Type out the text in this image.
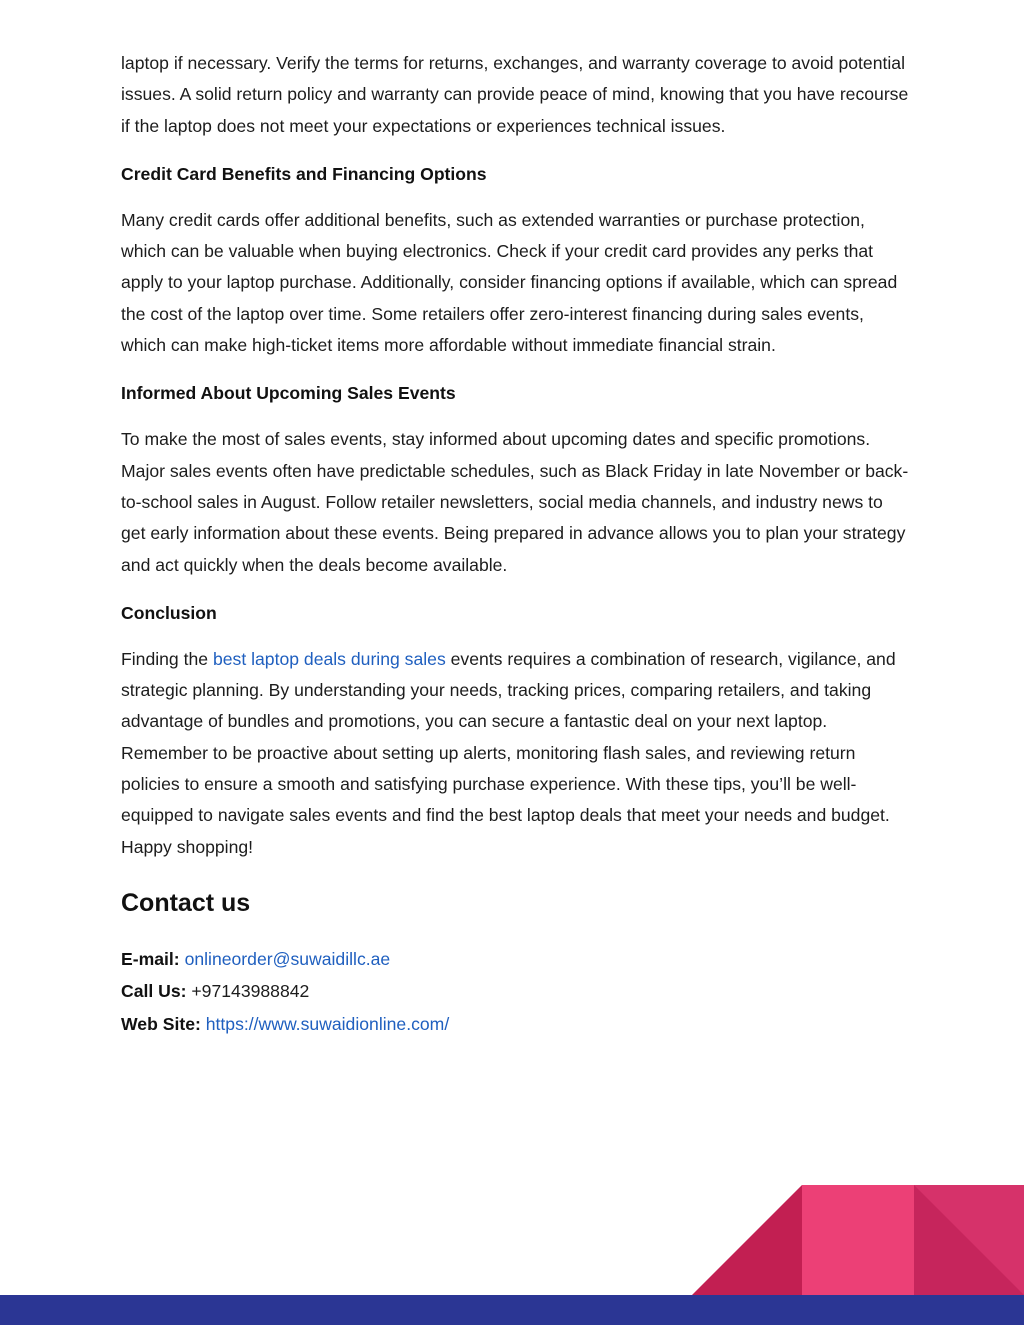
laptop if necessary. Verify the terms for returns, exchanges, and warranty coverage to avoid potential issues. A solid return policy and warranty can provide peace of mind, knowing that you have recourse if the laptop does not meet your expectations or experiences technical issues.

Credit Card Benefits and Financing Options

Many credit cards offer additional benefits, such as extended warranties or purchase protection, which can be valuable when buying electronics. Check if your credit card provides any perks that apply to your laptop purchase. Additionally, consider financing options if available, which can spread the cost of the laptop over time. Some retailers offer zero-interest financing during sales events, which can make high-ticket items more affordable without immediate financial strain.

Informed About Upcoming Sales Events

To make the most of sales events, stay informed about upcoming dates and specific promotions. Major sales events often have predictable schedules, such as Black Friday in late November or back-to-school sales in August. Follow retailer newsletters, social media channels, and industry news to get early information about these events. Being prepared in advance allows you to plan your strategy and act quickly when the deals become available.

Conclusion

Finding the best laptop deals during sales events requires a combination of research, vigilance, and strategic planning. By understanding your needs, tracking prices, comparing retailers, and taking advantage of bundles and promotions, you can secure a fantastic deal on your next laptop. Remember to be proactive about setting up alerts, monitoring flash sales, and reviewing return policies to ensure a smooth and satisfying purchase experience. With these tips, you’ll be well-equipped to navigate sales events and find the best laptop deals that meet your needs and budget. Happy shopping!

Contact us
E-mail: onlineorder@suwaidillc.ae
Call Us: +97143988842
Web Site: https://www.suwaidionline.com/
